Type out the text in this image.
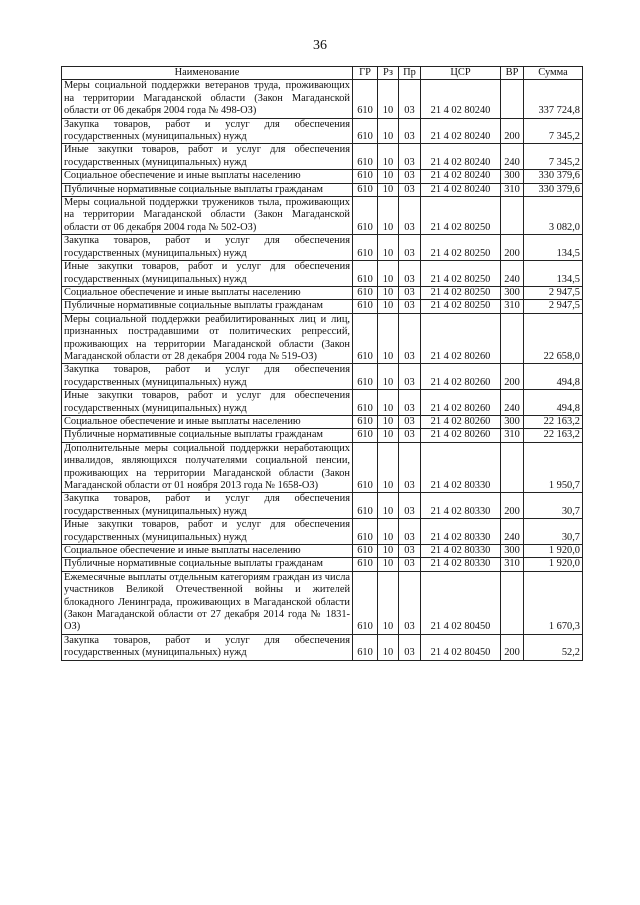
36
Наименование	ГР	Рз	Пр	ЦСР	ВР	Сумма
Меры социальной поддержки ветеранов труда, проживающих на территории Магаданской области (Закон Магаданской области от 06 декабря 2004 года № 498-ОЗ)	610	10	03	21 4 02 80240		337 724,8
Закупка товаров, работ и услуг для обеспечения государственных (муниципальных) нужд	610	10	03	21 4 02 80240	200	7 345,2
Иные закупки товаров, работ и услуг для обеспечения государственных (муниципальных) нужд	610	10	03	21 4 02 80240	240	7 345,2
Социальное обеспечение и иные выплаты населению	610	10	03	21 4 02 80240	300	330 379,6
Публичные нормативные социальные выплаты гражданам	610	10	03	21 4 02 80240	310	330 379,6
Меры социальной поддержки тружеников тыла, проживающих на территории Магаданской области (Закон Магаданской области от 06 декабря 2004 года № 502-ОЗ)	610	10	03	21 4 02 80250		3 082,0
Закупка товаров, работ и услуг для обеспечения государственных (муниципальных) нужд	610	10	03	21 4 02 80250	200	134,5
Иные закупки товаров, работ и услуг для обеспечения государственных (муниципальных) нужд	610	10	03	21 4 02 80250	240	134,5
Социальное обеспечение и иные выплаты населению	610	10	03	21 4 02 80250	300	2 947,5
Публичные нормативные социальные выплаты гражданам	610	10	03	21 4 02 80250	310	2 947,5
Меры социальной поддержки реабилитированных лиц и лиц, признанных пострадавшими от политических репрессий, проживающих на территории Магаданской области (Закон Магаданской области от 28 декабря 2004 года № 519-ОЗ)	610	10	03	21 4 02 80260		22 658,0
Закупка товаров, работ и услуг для обеспечения государственных (муниципальных) нужд	610	10	03	21 4 02 80260	200	494,8
Иные закупки товаров, работ и услуг для обеспечения государственных (муниципальных) нужд	610	10	03	21 4 02 80260	240	494,8
Социальное обеспечение и иные выплаты населению	610	10	03	21 4 02 80260	300	22 163,2
Публичные нормативные социальные выплаты гражданам	610	10	03	21 4 02 80260	310	22 163,2
Дополнительные меры социальной поддержки неработающих инвалидов, являющихся получателями социальной пенсии, проживающих на территории Магаданской области (Закон Магаданской области от 01 ноября 2013 года № 1658-ОЗ)	610	10	03	21 4 02 80330		1 950,7
Закупка товаров, работ и услуг для обеспечения государственных (муниципальных) нужд	610	10	03	21 4 02 80330	200	30,7
Иные закупки товаров, работ и услуг для обеспечения государственных (муниципальных) нужд	610	10	03	21 4 02 80330	240	30,7
Социальное обеспечение и иные выплаты населению	610	10	03	21 4 02 80330	300	1 920,0
Публичные нормативные социальные выплаты гражданам	610	10	03	21 4 02 80330	310	1 920,0
Ежемесячные выплаты отдельным категориям граждан из числа участников Великой Отечественной войны и жителей блокадного Ленинграда, проживающих в Магаданской области (Закон Магаданской области от 27 декабря 2014 года № 1831-ОЗ)	610	10	03	21 4 02 80450		1 670,3
Закупка товаров, работ и услуг для обеспечения государственных (муниципальных) нужд	610	10	03	21 4 02 80450	200	52,2
